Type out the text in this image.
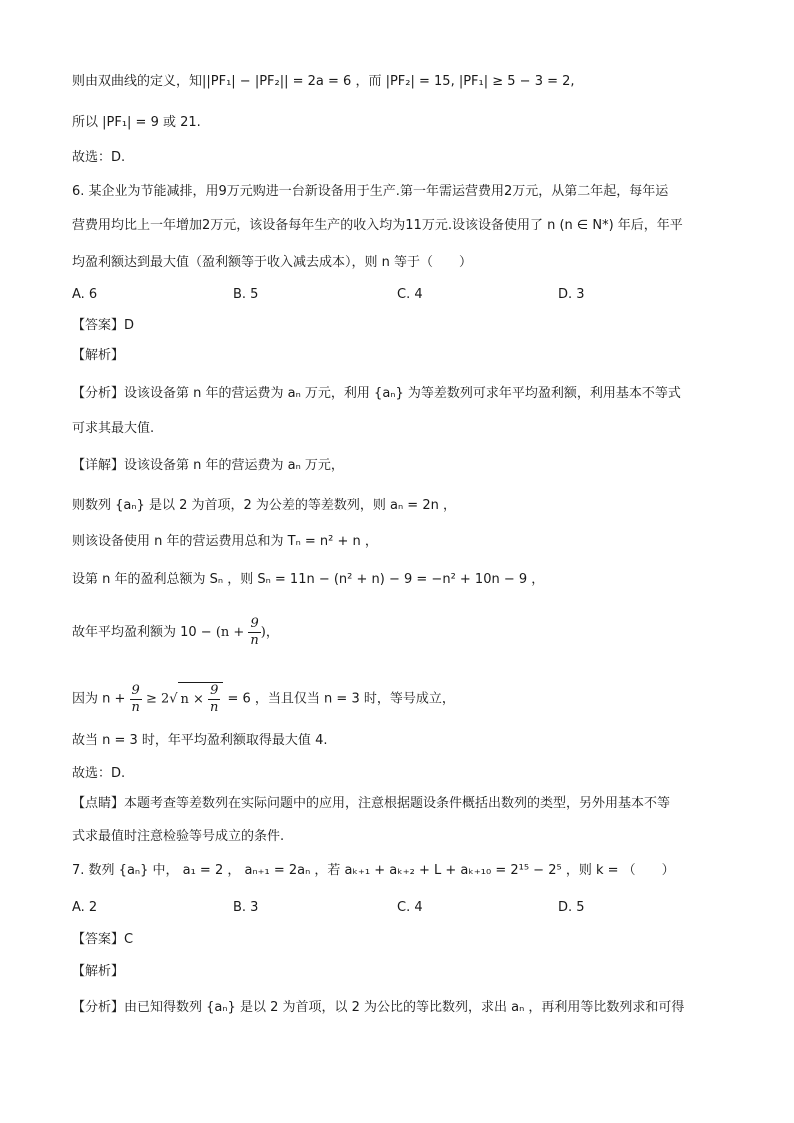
则由双曲线的定义，知||PF₁| − |PF₂|| = 2a = 6 ，而 |PF₂| = 15, |PF₁| ≥ 5 − 3 = 2,
所以 |PF₁| = 9 或 21.
故选：D.
6. 某企业为节能减排，用9万元购进一台新设备用于生产.第一年需运营费用2万元，从第二年起，每年运
营费用均比上一年增加2万元，该设备每年生产的收入均为11万元.设该设备使用了 n (n ∈ N*) 年后，年平
均盈利额达到最大值（盈利额等于收入减去成本），则 n 等于（　　）
A. 6	B. 5	C. 4	D. 3
【答案】D
【解析】
【分析】设该设备第 n 年的营运费为 aₙ 万元，利用 {aₙ} 为等差数列可求年平均盈利额，利用基本不等式
可求其最大值.
【详解】设该设备第 n 年的营运费为 aₙ 万元，
则数列 {aₙ} 是以 2 为首项，2 为公差的等差数列，则 aₙ = 2n ，
则该设备使用 n 年的营运费用总和为 Tₙ = n² + n ，
设第 n 年的盈利总额为 Sₙ ，则 Sₙ = 11n − (n² + n) − 9 = −n² + 10n − 9 ，
故年平均盈利额为 $10 - (n + \frac{9}{n}$ )，
因为 $n + \frac{9}{n} \ge 2√$ $n \times \frac{9}{n} = 6$ ，当且仅当 n = 3 时，等号成立，
故当 n = 3 时，年平均盈利额取得最大值 4.
故选：D.
【点睛】本题考查等差数列在实际问题中的应用，注意根据题设条件概括出数列的类型，另外用基本不等
式求最值时注意检验等号成立的条件.
7. 数列 {aₙ} 中， a₁ = 2 ， aₙ₊₁ = 2aₙ ，若 aₖ₊₁ + aₖ₊₂ + L + aₖ₊₁₀ = 2¹⁵ − 2⁵ ，则 k = （　　）
A. 2	B. 3	C. 4	D. 5
【答案】C
【解析】
【分析】由已知得数列 {aₙ} 是以 2 为首项，以 2 为公比的等比数列，求出 aₙ ，再利用等比数列求和可得
